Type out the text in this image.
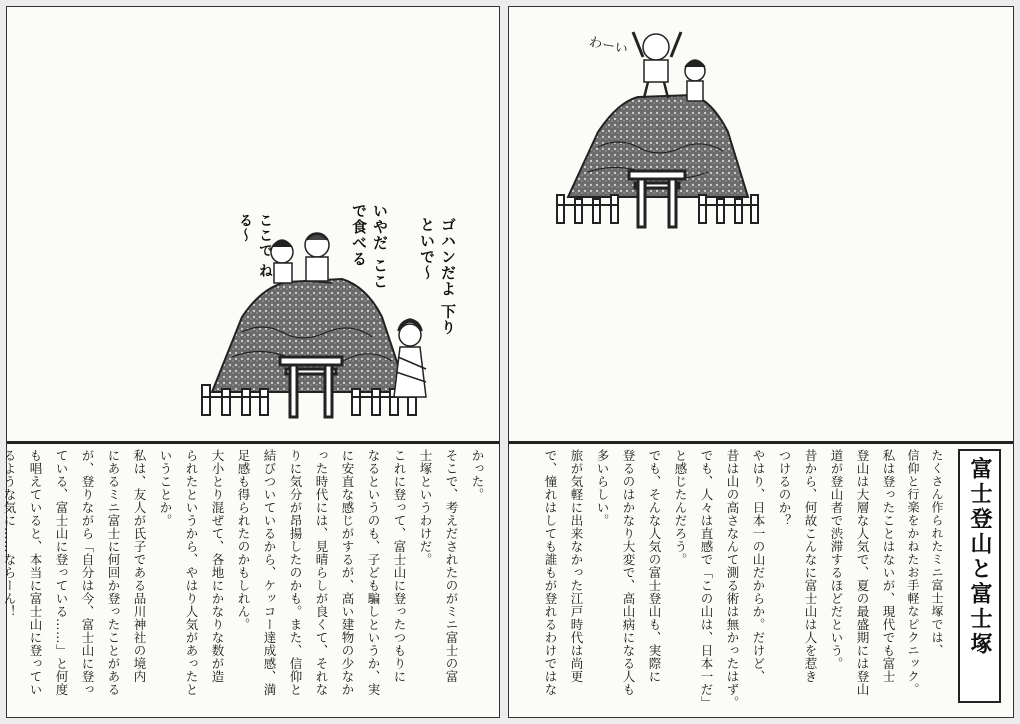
ゴハンだよ 下りといで～
いやだ ここで食べる
ここで ねる～
かった。
そこで、考えだされたのがミニ富士の富
士塚というわけだ。
これに登って、富士山に登ったつもりに
なるというのも、子ども騙しというか、実
に安直な感じがするが、高い建物の少なか
った時代には、見晴らしが良くて、それな
りに気分が昂揚したのかも。また、信仰と
結びついているから、ケッコー達成感、満
足感も得られたのかもしれん。
大小とり混ぜて、各地にかなりな数が造
られたというから、やはり人気があったと
いうことか。
私は、友人が氏子である品川神社の境内
にあるミニ富士に何回か登ったことがある
が、登りながら「自分は今、富士山に登っ
ている、富士山に登っている……」と何度
も唱えていると、本当に富士山に登ってい
るような気に……ならーん！
わーい
富士登山と富士塚
たくさん作られたミニ富士塚では、
信仰と行楽をかねたお手軽なピクニック。
私は登ったことはないが、現代でも富士
登山は大層な人気で、夏の最盛期には登山
道が登山者で渋滞するほどだという。
昔から、何故こんなに富士山は人を惹き
つけるのか？
やはり、日本一の山だからか。だけど、
昔は山の高さなんて測る術は無かったはず。
でも、人々は直感で「この山は、日本一だ」
と感じたんだろう。
でも、そんな人気の富士登山も、実際に
登るのはかなり大変で、高山病になる人も
多いらしい。
旅が気軽に出来なかった江戸時代は尚更
で、憧れはしても誰もが登れるわけではな
